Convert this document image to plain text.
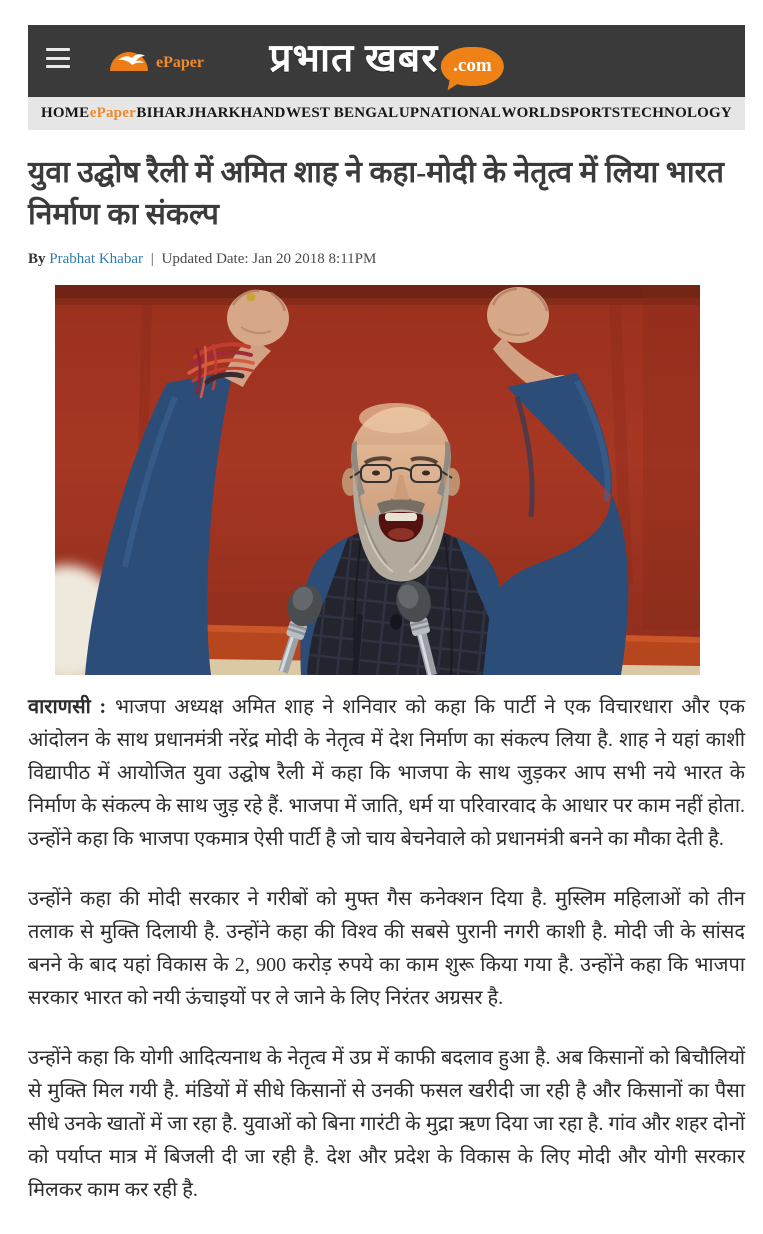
ePaper प्रभात खबर .com
HOME ePaper BIHAR JHARKHAND WEST BENGAL UP NATIONAL WORLD SPORTS TECHNOLOGY
युवा उद्घोष रैली में अमित शाह ने कहा-मोदी के नेतृत्व में लिया भारत निर्माण का संकल्प
By Prabhat Khabar | Updated Date: Jan 20 2018 8:11PM

वाराणसी : भाजपा अध्यक्ष अमित शाह ने शनिवार को कहा कि पार्टी ने एक विचारधारा और एक आंदोलन के साथ प्रधानमंत्री नरेंद्र मोदी के नेतृत्व में देश निर्माण का संकल्प लिया है. शाह ने यहां काशी विद्यापीठ में आयोजित युवा उद्घोष रैली में कहा कि भाजपा के साथ जुड़कर आप सभी नये भारत के निर्माण के संकल्प के साथ जुड़ रहे हैं. भाजपा में जाति, धर्म या परिवारवाद के आधार पर काम नहीं होता. उन्होंने कहा कि भाजपा एकमात्र ऐसी पार्टी है जो चाय बेचनेवाले को प्रधानमंत्री बनने का मौका देती है.

उन्होंने कहा की मोदी सरकार ने गरीबों को मुफ्त गैस कनेक्शन दिया है. मुस्लिम महिलाओं को तीन तलाक से मुक्ति दिलायी है. उन्होंने कहा की विश्व की सबसे पुरानी नगरी काशी है. मोदी जी के सांसद बनने के बाद यहां विकास के 2, 900 करोड़ रुपये का काम शुरू किया गया है. उन्होंने कहा कि भाजपा सरकार भारत को नयी ऊंचाइयों पर ले जाने के लिए निरंतर अग्रसर है.

उन्होंने कहा कि योगी आदित्यनाथ के नेतृत्व में उप्र में काफी बदलाव हुआ है. अब किसानों को बिचौलियों से मुक्ति मिल गयी है. मंडियों में सीधे किसानों से उनकी फसल खरीदी जा रही है और किसानों का पैसा सीधे उनके खातों में जा रहा है. युवाओं को बिना गारंटी के मुद्रा ऋण दिया जा रहा है. गांव और शहर दोनों को पर्याप्त मात्र में बिजली दी जा रही है. देश और प्रदेश के विकास के लिए मोदी और योगी सरकार मिलकर काम कर रही है.
